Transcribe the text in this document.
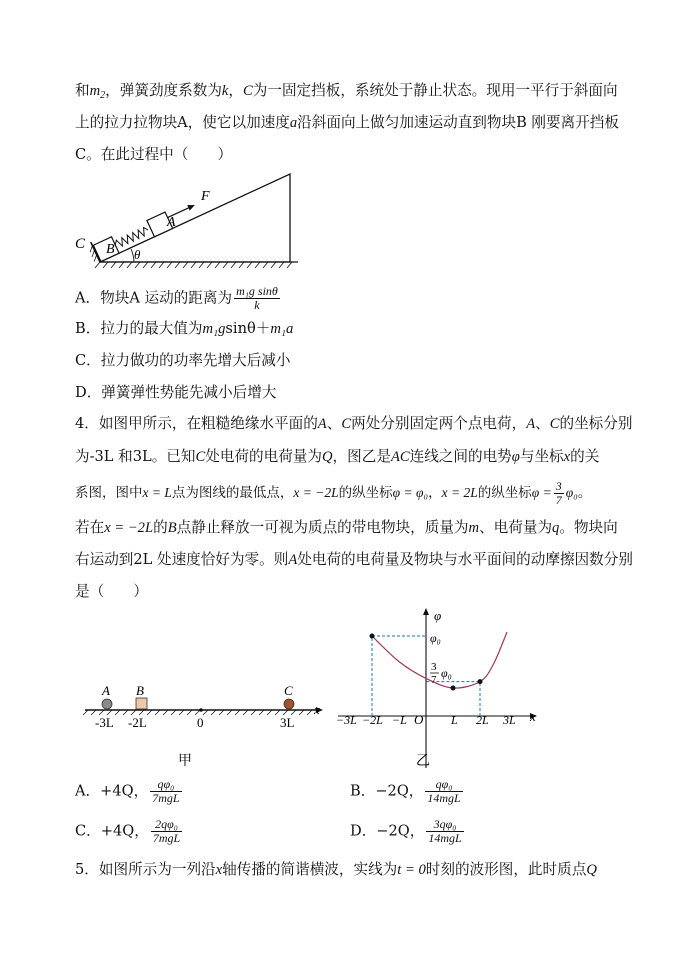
和$m_2$，弹簧劲度系数为k，C为一固定挡板，系统处于静止状态。现用一平行于斜面向
上的拉力拉物块A，使它以加速度a沿斜面向上做匀加速运动直到物块B 刚要离开挡板
C。在此过程中（　　）
θ
C B
A
F
A．物块A 运动的距离为 $\frac{\text{m₁g sinθ}}{k}$
B．拉力的最大值为m₁gsinθ＋m₁a
C．拉力做功的功率先增大后减小
D．弹簧弹性势能先减小后增大
4．如图甲所示，在粗糙绝缘水平面的A、C两处分别固定两个点电荷，A、C的坐标分别
为-3L 和3L。已知C处电荷的电荷量为Q，图乙是AC连线之间的电势φ与坐标x的关
系图，图中x = L点为图线的最低点，x = −2L的纵坐标φ = φ₀，x = 2L的纵坐标$\varphi = \frac{3}{7} \varphi_0$。
若在x = −2L的B点静止释放一可视为质点的带电物块，质量为m、电荷量为q。物块向
右运动到2L 处速度恰好为零。则A处电荷的电荷量及物块与水平面间的动摩擦因数分别
是（　　）
A B	C
x
-3L -2L	0	3L
甲
φ
x
O
φ₀
3
7 φ₀
−3L −2L −L	L 2L 3L
乙
A．+4Q， $\frac{\text{qφ₀}}{\text{7mgL}}$	B．−2Q， $\frac{\text{qφ₀}}{\text{14mgL}}$
C．+4Q， $\frac{\text{2qφ₀}}{\text{7mgL}}$	D．−2Q， $\frac{\text{3qφ₀}}{\text{14mgL}}$
5．如图所示为一列沿x轴传播的简谐横波，实线为t = 0时刻的波形图，此时质点Q
